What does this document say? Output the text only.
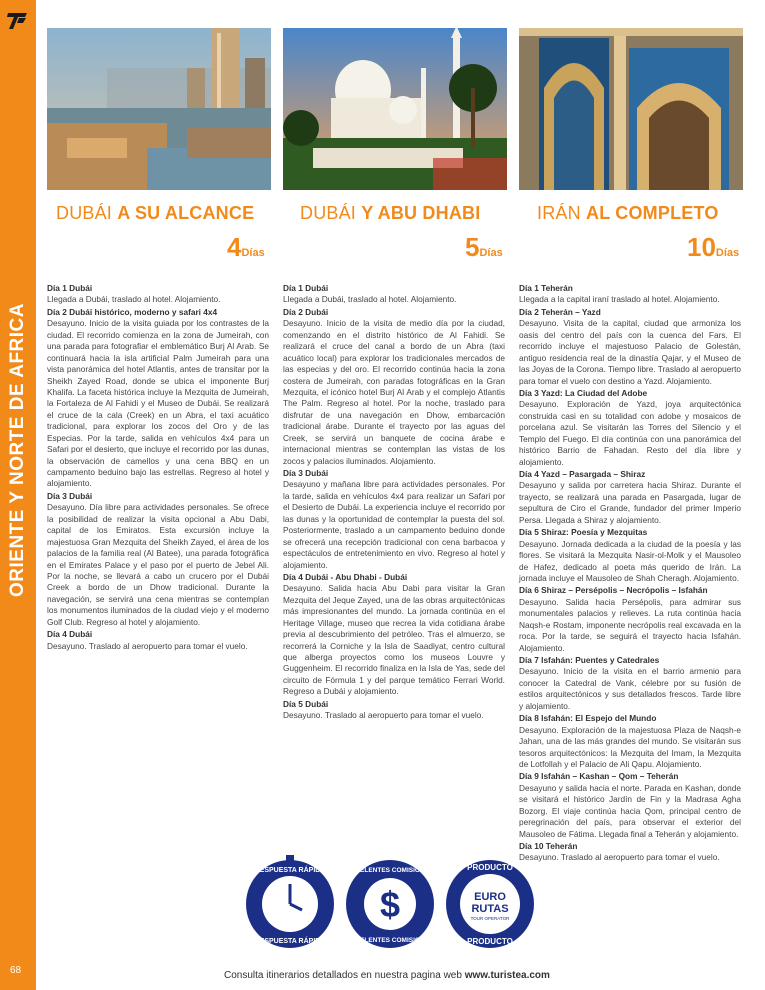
ORIENTE Y NORTE DE AFRICA
68
DUBÁI A SU ALCANCE	DUBÁI Y ABU DHABI	IRÁN AL COMPLETO
4Días	5Días	10Días
Día 1 Dubái
Llegada a Dubái, traslado al hotel. Alojamiento.
Día 2 Dubái histórico, moderno y safari 4x4
Desayuno. Inicio de la visita guiada por los contrastes de la ciudad. El recorrido comienza en la zona de Jumeirah, con una parada para fotografiar el emblemático Burj Al Arab. Se continuará hacia la isla artificial Palm Jumeirah para una vista panorámica del hotel Atlantis, antes de transitar por la Sheikh Zayed Road, donde se ubica el imponente Burj Khalifa. La faceta histórica incluye la Mezquita de Jumeirah, la Fortaleza de Al Fahidi y el Museo de Dubái. Se realizará el cruce de la cala (Creek) en un Abra, el taxi acuático tradicional, para explorar los zocos del Oro y de las Especias. Por la tarde, salida en vehículos 4x4 para un Safari por el desierto, que incluye el recorrido por las dunas, la observación de camellos y una cena BBQ en un campamento beduino bajo las estrellas. Regreso al hotel y alojamiento.
Día 3 Dubái
Desayuno. Día libre para actividades personales. Se ofrece la posibilidad de realizar la visita opcional a Abu Dabi, capital de los Emiratos. Esta excursión incluye la majestuosa Gran Mezquita del Sheikh Zayed, el área de los palacios de la familia real (Al Batee), una parada fotográfica en el Emirates Palace y el paso por el puerto de Jebel Ali. Por la noche, se llevará a cabo un crucero por el Dubái Creek a bordo de un Dhow tradicional. Durante la navegación, se servirá una cena mientras se contemplan los monumentos iluminados de la ciudad viejo y el moderno Golf Club. Regreso al hotel y alojamiento.
Día 4 Dubái
Desayuno. Traslado al aeropuerto para tomar el vuelo.
Día 1 Dubái
Llegada a Dubái, traslado al hotel. Alojamiento.
Día 2 Dubái
Desayuno. Inicio de la visita de medio día por la ciudad, comenzando en el distrito histórico de Al Fahidi. Se realizará el cruce del canal a bordo de un Abra (taxi acuático local) para explorar los tradicionales mercados de las especias y del oro. El recorrido continúa hacia la zona costera de Jumeirah, con paradas fotográficas en la Gran Mezquita, el icónico hotel Burj Al Arab y el complejo Atlantis The Palm. Regreso al hotel. Por la noche, traslado para disfrutar de una navegación en Dhow, embarcación tradicional árabe. Durante el trayecto por las aguas del Creek, se servirá un banquete de cocina árabe e internacional mientras se contemplan las vistas de los zocos y palacios iluminados. Alojamiento.
Día 3 Dubái
Desayuno y mañana libre para actividades personales. Por la tarde, salida en vehículos 4x4 para realizar un Safari por el Desierto de Dubái. La experiencia incluye el recorrido por las dunas y la oportunidad de contemplar la puesta del sol. Posteriormente, traslado a un campamento beduino donde se ofrecerá una recepción tradicional con cena barbacoa y espectáculos de entretenimiento en vivo. Regreso al hotel y alojamiento.
Día 4 Dubái - Abu Dhabi - Dubái
Desayuno. Salida hacia Abu Dabi para visitar la Gran Mezquita del Jeque Zayed, una de las obras arquitectónicas más impresionantes del mundo. La jornada continúa en el Heritage Village, museo que recrea la vida cotidiana árabe previa al descubrimiento del petróleo. Tras el almuerzo, se recorrerá la Corniche y la Isla de Saadiyat, centro cultural que alberga proyectos como los museos Louvre y Guggenheim. El recorrido finaliza en la Isla de Yas, sede del circuito de Fórmula 1 y del parque temático Ferrari World. Regreso a Dubái y alojamiento.
Día 5 Dubái
Desayuno. Traslado al aeropuerto para tomar el vuelo.
Día 1 Teherán
Llegada a la capital iraní traslado al hotel. Alojamiento.
Día 2 Teherán – Yazd
Desayuno. Visita de la capital, ciudad que armoniza los oasis del centro del país con la cuenca del Fars. El recorrido incluye el majestuoso Palacio de Golestán, antiguo residencia real de la dinastía Qajar, y el Museo de las Joyas de la Corona. Tiempo libre. Traslado al aeropuerto para tomar el vuelo con destino a Yazd. Alojamiento.
Día 3 Yazd: La Ciudad del Adobe
Desayuno. Exploración de Yazd, joya arquitectónica construida casi en su totalidad con adobe y mosaicos de porcelana azul. Se visitarán las Torres del Silencio y el Templo del Fuego. El día continúa con una panorámica del histórico Barrio de Fahadan. Resto del día libre y alojamiento.
Día 4 Yazd – Pasargada – Shiraz
Desayuno y salida por carretera hacia Shiraz. Durante el trayecto, se realizará una parada en Pasargada, lugar de sepultura de Ciro el Grande, fundador del primer Imperio Persa. Llegada a Shiraz y alojamiento.
Día 5 Shiraz: Poesía y Mezquitas
Desayuno. Jornada dedicada a la ciudad de la poesía y las flores. Se visitará la Mezquita Nasir-ol-Molk y el Mausoleo de Hafez, dedicado al poeta más querido de Irán. La jornada incluye el Mausoleo de Shah Cheragh. Alojamiento.
Día 6 Shiraz – Persépolis – Necrópolis – Isfahán
Desayuno. Salida hacia Persépolis, para admirar sus monumentales palacios y relieves. La ruta continúa hacia Naqsh-e Rostam, imponente necrópolis real excavada en la roca. Por la tarde, se seguirá el trayecto hacia Isfahán. Alojamiento.
Día 7 Isfahán: Puentes y Catedrales
Desayuno. Inicio de la visita en el barrio armenio para conocer la Catedral de Vank, célebre por su fusión de estilos arquitectónicos y sus detallados frescos. Tarde libre y alojamiento.
Día 8 Isfahán: El Espejo del Mundo
Desayuno. Exploración de la majestuosa Plaza de Naqsh-e Jahan, una de las más grandes del mundo. Se visitarán sus tesoros arquitectónicos: la Mezquita del Imam, la Mezquita de Lotfollah y el Palacio de Ali Qapu. Alojamiento.
Día 9 Isfahán – Kashan – Qom – Teherán
Desayuno y salida hacia el norte. Parada en Kashan, donde se visitará el histórico Jardín de Fin y la Madrasa Agha Bozorg. El viaje continúa hacia Qom, principal centro de peregrinación del país, para observar el exterior del Mausoleo de Fátima. Llegada final a Teherán y alojamiento.
Día 10 Teherán
Desayuno. Traslado al aeropuerto para tomar el vuelo.
RESPUESTA RÁPIDA
RESPUESTA RÁPIDA
$
EXCELENTES COMISIONES
EXCELENTES COMISIONES
PRODUCTO
EURO
RUTAS
TOUR OPERATOR
PRODUCTO
Consulta itinerarios detallados en nuestra pagina web www.turistea.com
